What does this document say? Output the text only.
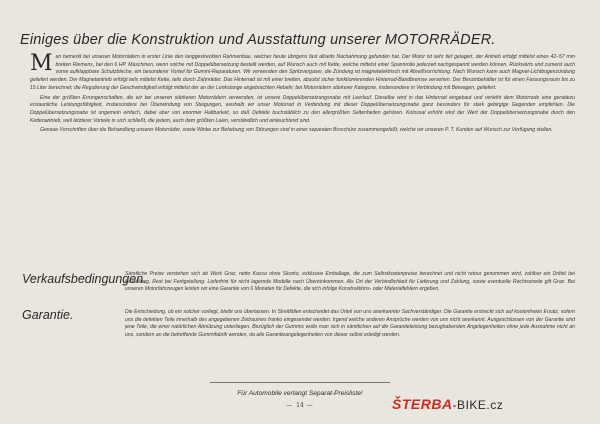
Einiges über die Konstruktion und Ausstattung unserer MOTORRÄDER.

Man bemerkt bei unseren Motorrädern in erster Linie den langgestreckten Rahmenbau, welcher heute übrigens fast allseits Nachahmung gefunden hat. Der Motor ist sehr tief gelagert, der Antrieb erfolgt mittelst eines 42–57 mm breiten Riemens, bei den 6 HP. Maschinen, wenn solche mit Doppelübersetzung bestellt werden, auf Wunsch auch mit Kette, welche mittelst einer Spannrolle jederzeit nachgespannt werden können. Rückwärts und zumeist auch vorne aufklappbare Schutzbleche, ein besonderer Vorteil für Gummi-Reparaturen. Wir verwenden den Spritzvergaser, die Zündung ist magnetelektrisch mit Abreißvorrichtung. Nach Wunsch kann auch Magnet-Lichtbogenzündung geliefert werden. Der Magnetantrieb erfolgt teils mittelst Kette, teils durch Zahnräder. Das Hinterrad ist mit einer breiten, absolut sicher funktionierenden Hinterrad-Bandbremse versehen. Der Benzinbehälter ist für einen Fassungsraum bis zu 15 Liter berechnet; die Regulierung der Geschwindigkeit erfolgt mittelst der an der Lenkstange angebrachten Hebeln; bei Motorrädern stärkerer Kategorie, insbesondere in Verbindung mit Beiwagen, geliefert.

Eine der größten Errungenschaften, die wir bei unseren stärkeren Motorrädern verwenden, ist unsere Doppelübersetzungsnabe mit Leerlauf. Dieselbe wird in das Hinterrad eingebaut und verleiht dem Motorrade eine geradezu erstaunliche Leistungsfähigkeit, insbesondere bei Überwindung von Steigungen, weshalb wir unser Motorrad in Verbindung mit dieser Doppelübersetzungsnabe ganz besonders für stark gebirgige Gegenden empfehlen. Die Doppelübersetzungsnabe ist ungemein einfach, dabei aber von enormer Haltbarkeit, so daß Defekte buchstäblich zu den allergrößten Seltenheiten gehören. Kolossal erhöht wird der Wert der Doppelübersetzungsnabe durch den Kettenantrieb, weil letzterer Vorteile in sich schließt, die jedem, auch dem größten Laien, verständlich und einleuchtend sind.

Genaue Vorschriften über die Behandlung unserer Motorräder, sowie Winke zur Behebung von Störungen sind in einer separaten Broschüre zusammengefaßt, welche wir unseren P. T. Kunden auf Wunsch zur Verfügung stellen.

Verkaufsbedingungen.
Sämtliche Preise verstehen sich ab Werk Graz, netto Kassa ohne Skonto, exklusive Emballage, die zum Selbstkostenpreise berechnet und nicht retour genommen wird, zahlbar ein Drittel bei Bestellung, Rest bei Fertigstellung. Lieferfrist für nicht lagernde Modelle nach Übereinkommen. Als Ort der Verbindlichkeit für Lieferung und Zahlung, sowie eventuelle Rechtsstreite gilt Graz. Bei unseren Motorfahrzeugen leisten wir eine Garantie von 6 Monaten für Defekte, die sich infolge Konstruktions- oder Materialfehlern ergeben.
Garantie.	Die Entscheidung, ob ein solcher vorliegt, bleibt uns überlassen. In Streitfällen entscheidet das Urteil von uns anerkannter Sachverständiger. Die Garantie erstreckt sich auf kostenfreien Ersatz, sofern uns die defekten Teile innerhalb des angegebenen Zeitraumes franko eingesendet werden. Irgend welche anderen Ansprüche werden von uns nicht anerkannt. Ausgeschlossen von der Garantie sind jene Teile, die einer natürlichen Abnützung unterliegen. Bezüglich der Gummis wolle man sich in sämtlichen auf die Garantieleistung bezughabenden Angelegenheiten ohne jede Ausnahme nicht an uns, sondern an die betreffende Gummifabrik wenden, da alle Garantieangelegenheiten von dieser selbst erledigt werden.
Für Automobile verlangt Separat-Preisliste!
— 14 —	ŠTERBA-BIKE.cz
